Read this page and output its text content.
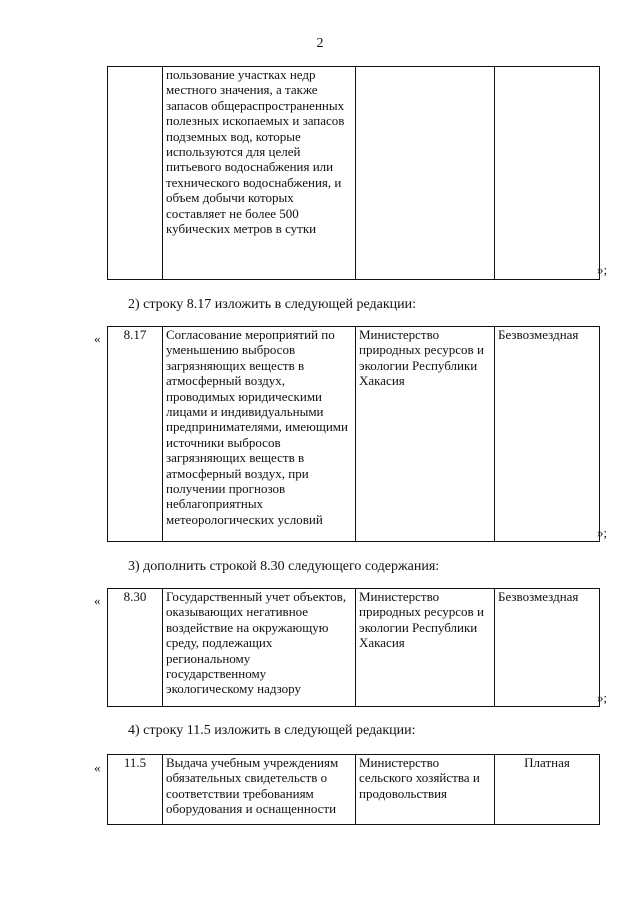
2
	пользование участках недр местного значения, а также запасов общераспространенных полезных ископаемых и запасов подземных вод, которые используются для целей питьевого водоснабжения или технического водоснабжения, и объем добычи которых составляет не более 500 кубических метров в сутки		
»;
2) строку 8.17 изложить в следующей редакции:
« 8.17	Согласование мероприятий по уменьшению выбросов загрязняющих веществ в атмосферный воздух, проводимых юридическими лицами и индивидуальными предпринимателями, имеющими источники выбросов загрязняющих веществ в атмосферный воздух, при получении прогнозов неблагоприятных метеорологических условий	Министерство природных ресурсов и экологии Республики Хакасия	Безвозмездная
»;
3) дополнить строкой 8.30 следующего содержания:
« 8.30	Государственный учет объектов, оказывающих негативное воздействие на окружающую среду, подлежащих региональному государственному экологическому надзору	Министерство природных ресурсов и экологии Республики Хакасия	Безвозмездная
»;
4) строку 11.5 изложить в следующей редакции:
« 11.5	Выдача учебным учреждениям обязательных свидетельств о соответствии требованиям оборудования и оснащенности	Министерство сельского хозяйства и продовольствия	Платная
